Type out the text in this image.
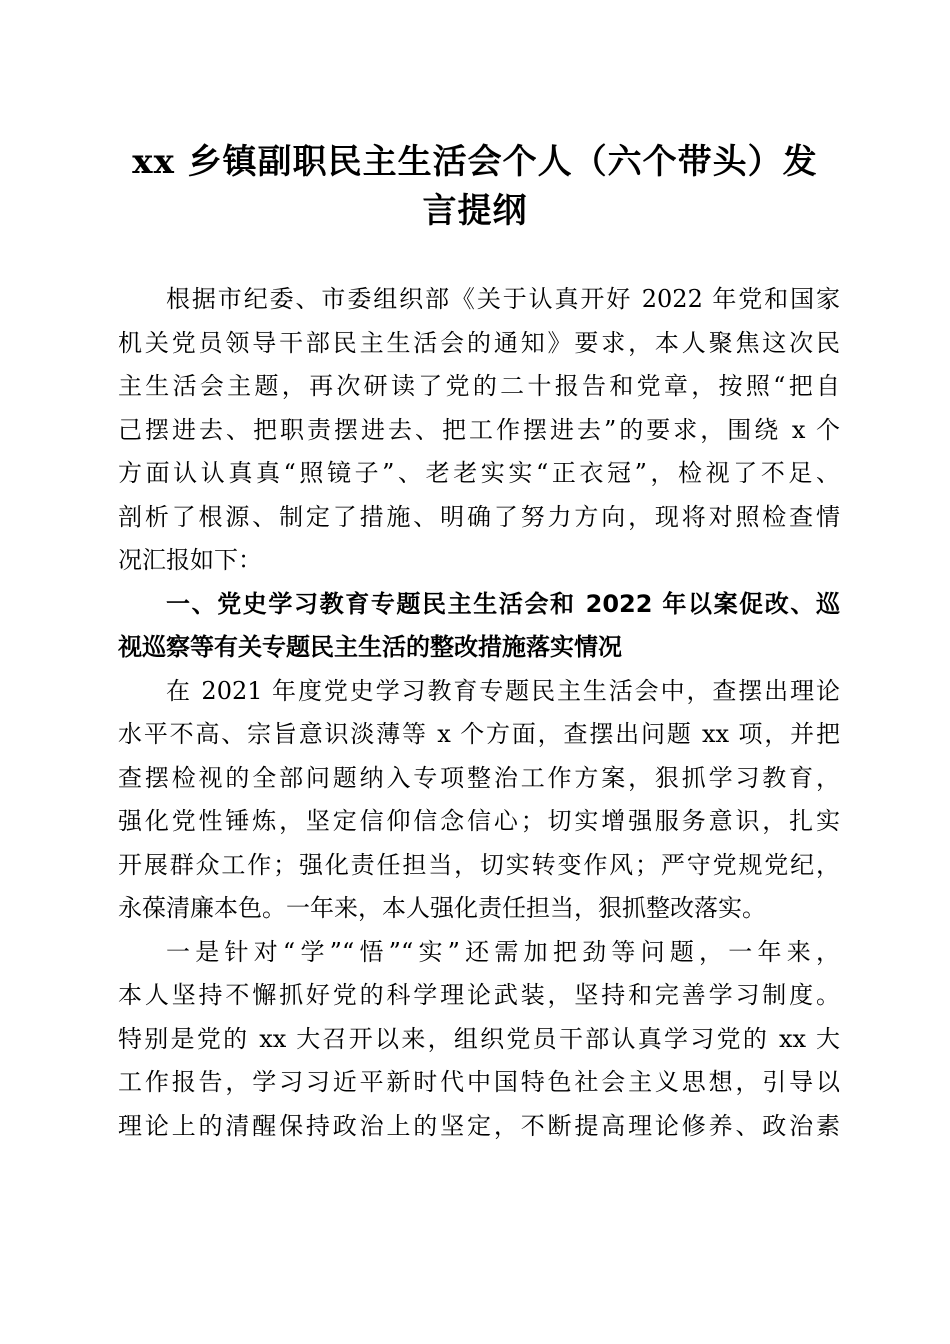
xx 乡镇副职民主生活会个人（六个带头）发
言提纲
根据市纪委、市委组织部《关于认真开好 2022 年党和国家
机关党员领导干部民主生活会的通知》要求，本人聚焦这次民
主生活会主题，再次研读了党的二十报告和党章，按照“把自
己摆进去、把职责摆进去、把工作摆进去”的要求，围绕 x 个
方面认认真真“照镜子”、老老实实“正衣冠”，检视了不足、
剖析了根源、制定了措施、明确了努力方向，现将对照检查情
况汇报如下：
一、党史学习教育专题民主生活会和 2022 年以案促改、巡
视巡察等有关专题民主生活的整改措施落实情况
在 2021 年度党史学习教育专题民主生活会中，查摆出理论
水平不高、宗旨意识淡薄等 x 个方面，查摆出问题 xx 项，并把
查摆检视的全部问题纳入专项整治工作方案，狠抓学习教育，
强化党性锤炼，坚定信仰信念信心；切实增强服务意识，扎实
开展群众工作；强化责任担当，切实转变作风；严守党规党纪，
永葆清廉本色。一年来，本人强化责任担当，狠抓整改落实。
一是针对“学”“悟”“实”还需加把劲等问题，一年来，
本人坚持不懈抓好党的科学理论武装，坚持和完善学习制度。
特别是党的 xx 大召开以来，组织党员干部认真学习党的 xx 大
工作报告，学习习近平新时代中国特色社会主义思想，引导以
理论上的清醒保持政治上的坚定，不断提高理论修养、政治素
